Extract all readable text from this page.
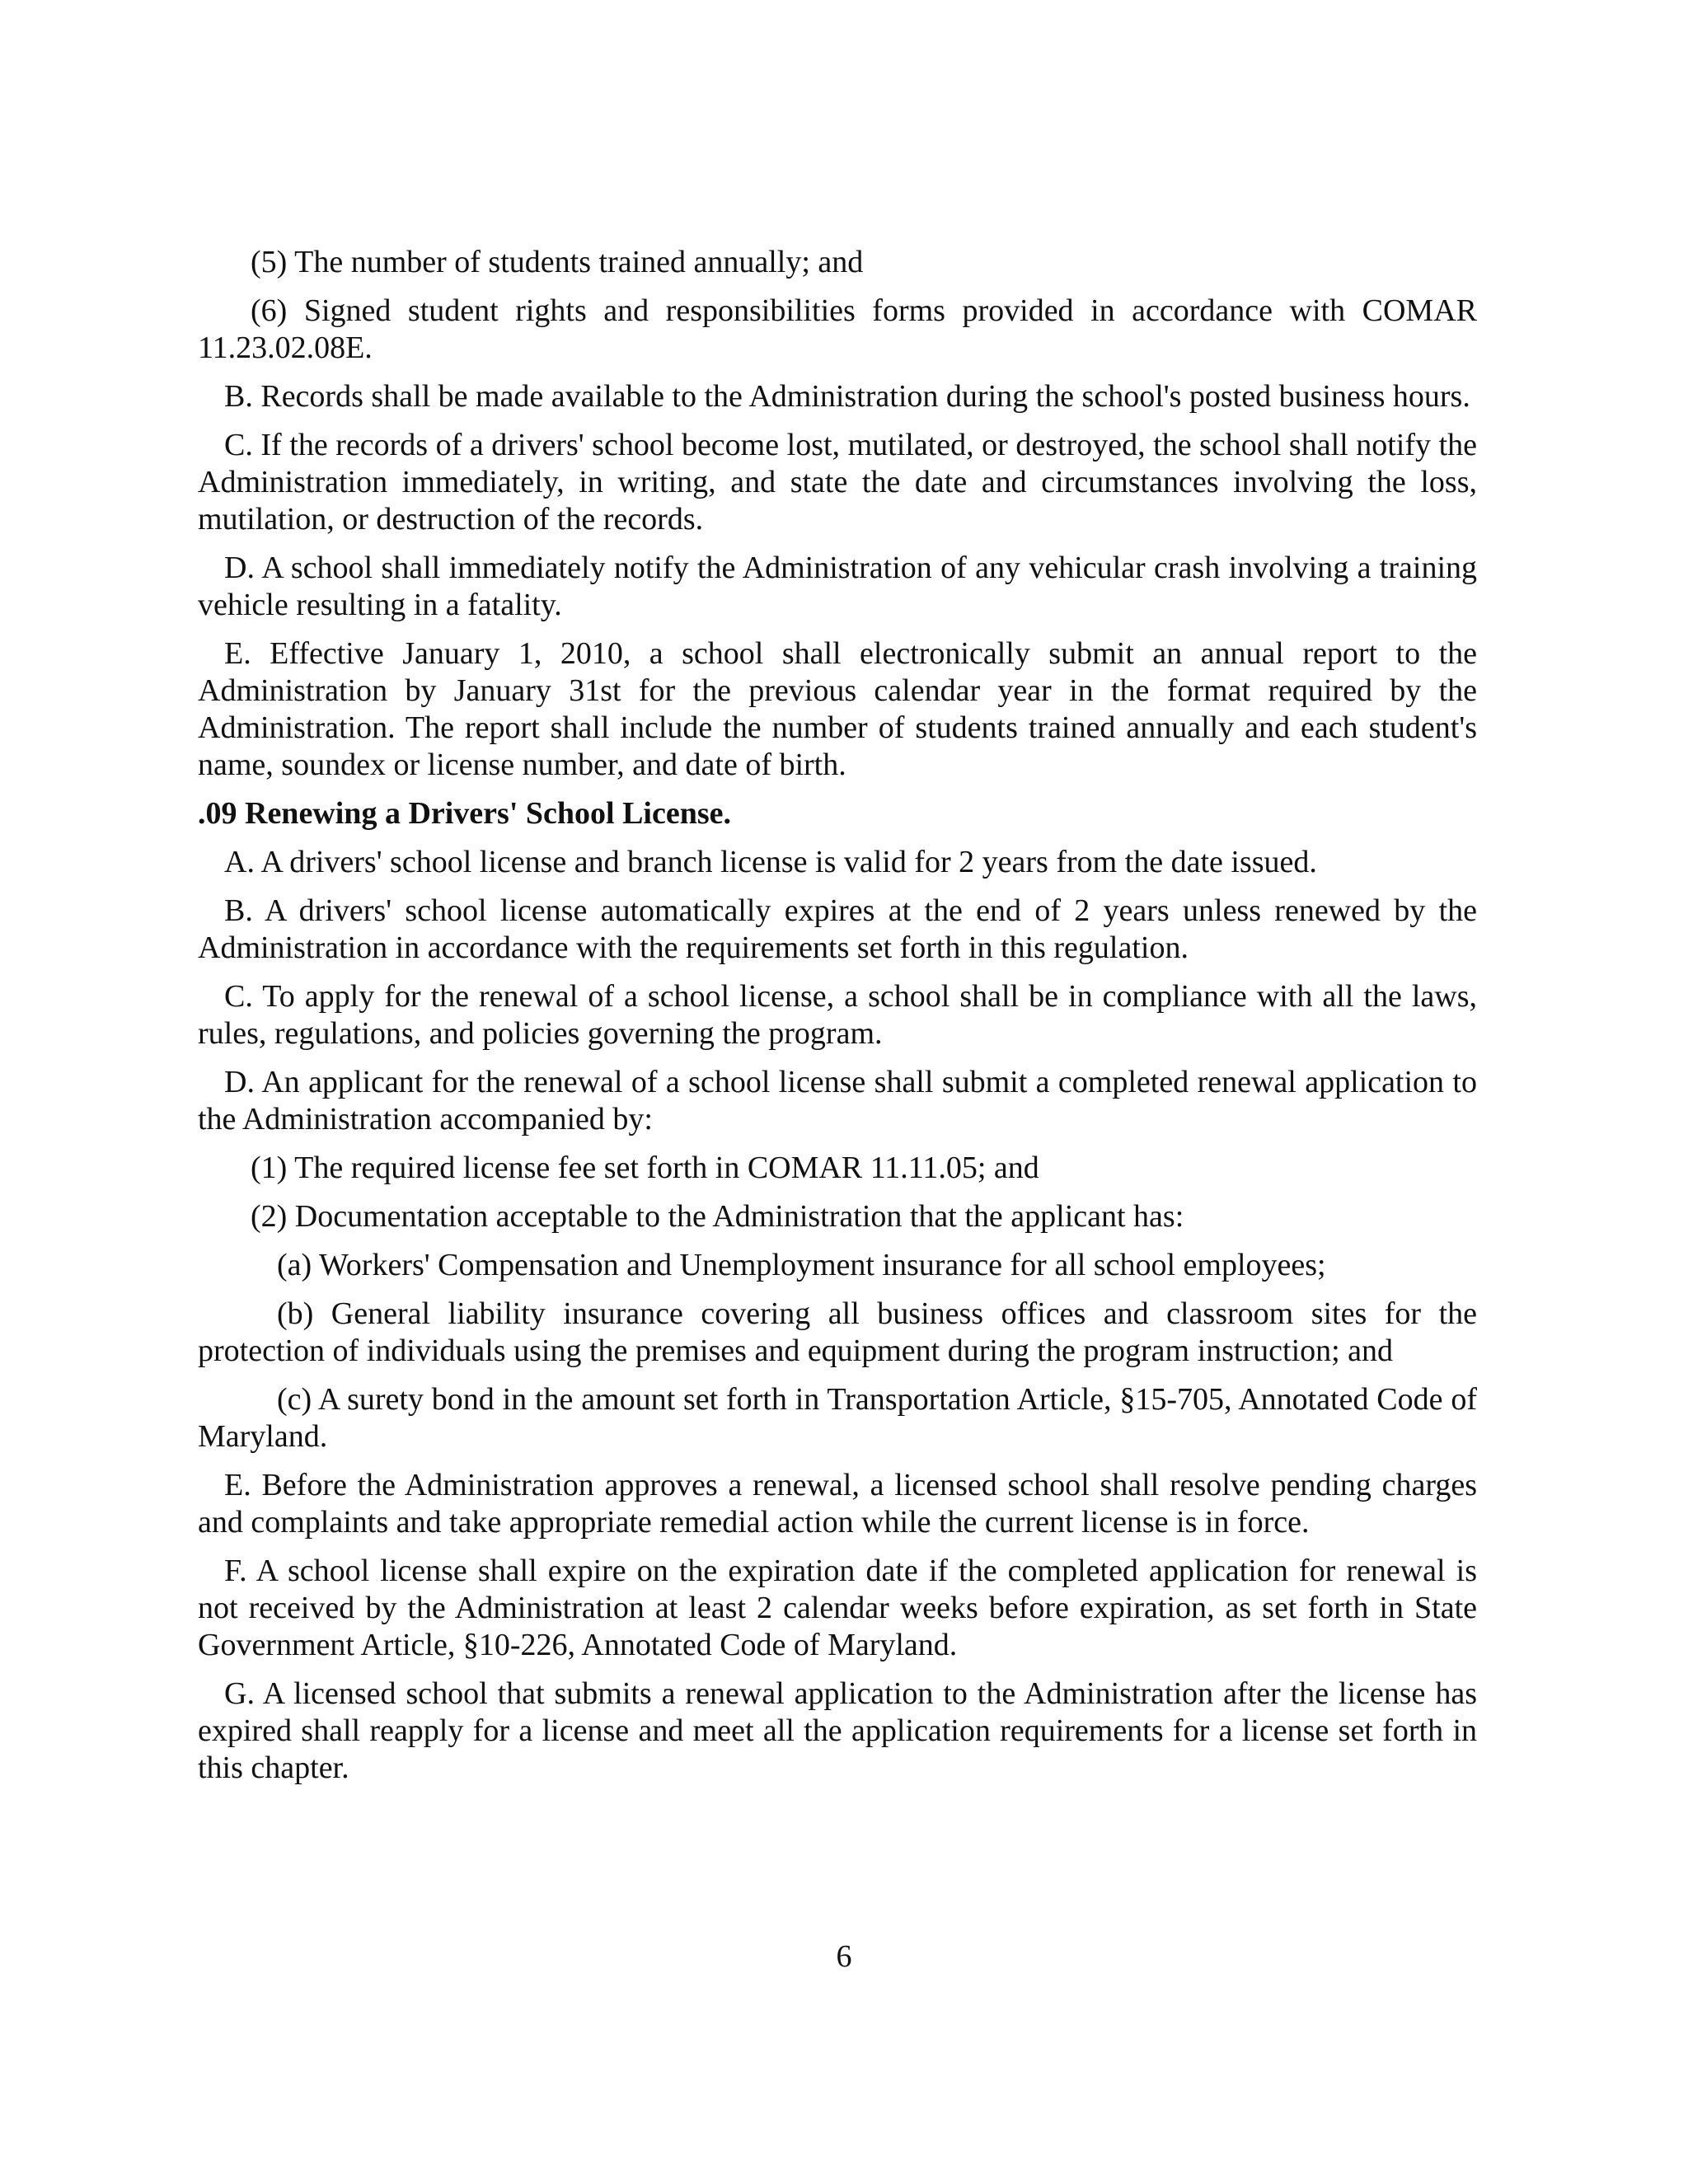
(5) The number of students trained annually; and

(6) Signed student rights and responsibilities forms provided in accordance with COMAR 11.23.02.08E.

B. Records shall be made available to the Administration during the school's posted business hours.

C. If the records of a drivers' school become lost, mutilated, or destroyed, the school shall notify the Administration immediately, in writing, and state the date and circumstances involving the loss, mutilation, or destruction of the records.

D. A school shall immediately notify the Administration of any vehicular crash involving a training vehicle resulting in a fatality.

E. Effective January 1, 2010, a school shall electronically submit an annual report to the Administration by January 31st for the previous calendar year in the format required by the Administration. The report shall include the number of students trained annually and each student's name, soundex or license number, and date of birth.

.09 Renewing a Drivers' School License.

A. A drivers' school license and branch license is valid for 2 years from the date issued.

B. A drivers' school license automatically expires at the end of 2 years unless renewed by the Administration in accordance with the requirements set forth in this regulation.

C. To apply for the renewal of a school license, a school shall be in compliance with all the laws, rules, regulations, and policies governing the program.

D. An applicant for the renewal of a school license shall submit a completed renewal application to the Administration accompanied by:

(1) The required license fee set forth in COMAR 11.11.05; and

(2) Documentation acceptable to the Administration that the applicant has:

(a) Workers' Compensation and Unemployment insurance for all school employees;

(b) General liability insurance covering all business offices and classroom sites for the protection of individuals using the premises and equipment during the program instruction; and

(c) A surety bond in the amount set forth in Transportation Article, §15-705, Annotated Code of Maryland.

E. Before the Administration approves a renewal, a licensed school shall resolve pending charges and complaints and take appropriate remedial action while the current license is in force.

F. A school license shall expire on the expiration date if the completed application for renewal is not received by the Administration at least 2 calendar weeks before expiration, as set forth in State Government Article, §10-226, Annotated Code of Maryland.

G. A licensed school that submits a renewal application to the Administration after the license has expired shall reapply for a license and meet all the application requirements for a license set forth in this chapter.

6
